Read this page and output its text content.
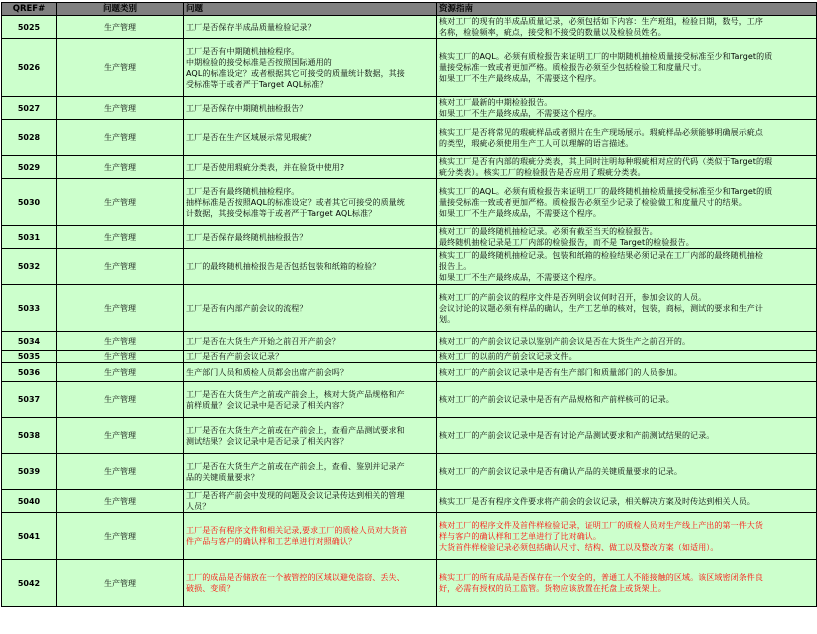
QREF#	问题类别	问题	资源指南
5025	生产管理	工厂是否保存半成品质量检验记录？	核对工厂的现有的半成品质量记录，必须包括如下内容：生产班组，检验日期，数号，工序
名称，检验频率，疵点，接受和不接受的数量以及检验员姓名。

5026	生产管理	工厂是否有中期随机抽检程序。
中期检验的接受标准是否按照国际通用的
AQL的标准设定？或者根据其它可接受的质量统计数据，其接
受标准等于或者严于Target AQL标准？	核实工厂的AQL。必须有质检报告来证明工厂的中期随机抽检质量接受标准至少和Target的质
量接受标准一致或者更加严格。质检报告必须至少包括检验工和度量尺寸。
如果工厂不生产最终成品，不需要这个程序。

5027	生产管理	工厂是否保存中期随机抽检报告？	核对工厂最新的中期检验报告。
如果工厂不生产最终成品，不需要这个程序。

5028	生产管理	工厂是否在生产区域展示常见瑕疵？	核实工厂是否将常见的瑕疵样品或者照片在生产现场展示。瑕疵样品必须能够明确展示疵点
的类型，瑕疵必须使用生产工人可以理解的语言描述。

5029	生产管理	工厂是否使用瑕疵分类表，并在验货中使用?	核实工厂是否有内部的瑕疵分类表，其上同时注明每种瑕疵相对应的代码（类似于Target的瑕
疵分类表）。核实工厂的检验报告是否应用了瑕疵分类表。

5030	生产管理	工厂是否有最终随机抽检程序。
抽样标准是否按照AQL的标准设定？或者其它可接受的质量统
计数据，其接受标准等于或者严于Target AQL标准？	核实工厂的AQL。必须有质检报告来证明工厂的最终随机抽检质量接受标准至少和Target的质
量接受标准一致或者更加严格。质检报告必须至少记录了检验做工和度量尺寸的结果。
如果工厂不生产最终成品，不需要这个程序。

5031	生产管理	工厂是否保存最终随机抽检报告？	核对工厂的最终随机抽检记录。必须有截至当天的检验报告。
最终随机抽检记录是工厂内部的检验报告，而不是 Target的检验报告。

5032	生产管理	工厂的最终随机抽检报告是否包括包装和纸箱的检验？	核实工厂的最终随机抽检记录。包装和纸箱的检验结果必须记录在工厂内部的最终随机抽检
报告上。
如果工厂不生产最终成品，不需要这个程序。

5033	生产管理	工厂是否有内部产前会议的流程？	核对工厂的产前会议的程序文件是否列明会议何时召开，参加会议的人员。
会议讨论的议题必须有样品的确认，生产工艺单的核对，包装，商标，测试的要求和生产计
划。

5034	生产管理	工厂是否在大货生产开始之前召开产前会？	核对工厂的产前会议记录以鉴别产前会议是否在大货生产之前召开的。

5035	生产管理	工厂是否有产前会议记录？	核对工厂的以前的产前会议记录文件。

5036	生产管理	生产部门人员和质检人员都会出席产前会吗？	核对工厂的产前会议记录中是否有生产部门和质量部门的人员参加。

5037	生产管理	工厂是否在大货生产之前或产前会上，核对大货产品规格和产
前样质量？会议记录中是否记录了相关内容？	核对工厂的产前会议记录中是否有产品规格和产前样核可的记录。

5038	生产管理	工厂是否在大货生产之前或在产前会上，查看产品测试要求和
测试结果？会议记录中是否记录了相关内容？	核对工厂的产前会议记录中是否有讨论产品测试要求和产前测试结果的记录。

5039	生产管理	工厂是否在大货生产之前或在产前会上，查看、鉴别并记录产
品的关键质量要求？	核对工厂的产前会议记录中是否有确认产品的关键质量要求的记录。

5040	生产管理	工厂是否将产前会中发现的问题及会议记录传达到相关的管理
人员？	核实工厂是否有程序文件要求将产前会的会议记录，相关解决方案及时传达到相关人员。

5041	生产管理	工厂是否有程序文件和相关记录,要求工厂的质检人员对大货首
件产品与客户的确认样和工艺单进行对照确认？	核对工厂的程序文件及首件样检验记录，证明工厂的质检人员对生产线上产出的第一件大货
样与客户的确认样和工艺单进行了比对确认。
大货首件样检验记录必须包括确认尺寸、结构、做工以及整改方案（如适用）。

5042	生产管理	工厂的成品是否储放在一个被管控的区域以避免盗窃、丢失、
破损、变质？	核实工厂的所有成品是否保存在一个安全的，普通工人不能接触的区域。该区域密闭条件良
好，必需有授权的员工监管。货物应该放置在托盘上或货架上。
